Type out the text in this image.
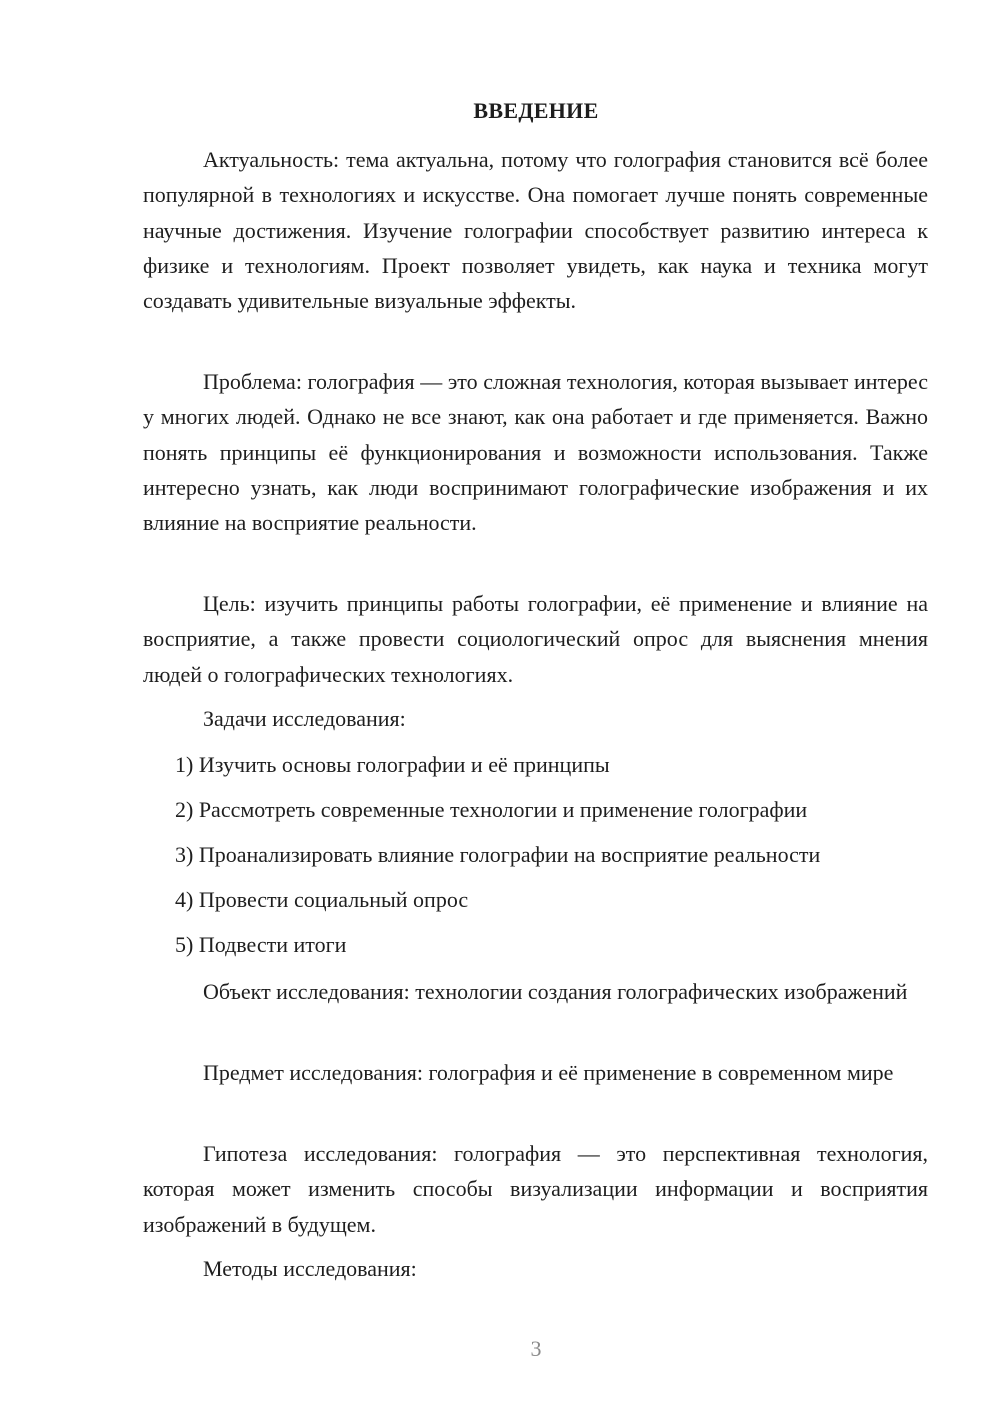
ВВЕДЕНИЕ

Актуальность: тема актуальна, потому что голография становится всё более популярной в технологиях и искусстве. Она помогает лучше понять современные научные достижения. Изучение голографии способствует развитию интереса к физике и технологиям. Проект позволяет увидеть, как наука и техника могут создавать удивительные визуальные эффекты.

Проблема: голография — это сложная технология, которая вызывает интерес у многих людей. Однако не все знают, как она работает и где применяется. Важно понять принципы её функционирования и возможности использования. Также интересно узнать, как люди воспринимают голографические изображения и их влияние на восприятие реальности.

Цель: изучить принципы работы голографии, её применение и влияние на восприятие, а также провести социологический опрос для выяснения мнения людей о голографических технологиях.

Задачи исследования:
1) Изучить основы голографии и её принципы
2) Рассмотреть современные технологии и применение голографии
3) Проанализировать влияние голографии на восприятие реальности
4) Провести социальный опрос
5) Подвести итоги

Объект исследования: технологии создания голографических изображений

Предмет исследования: голография и её применение в современном мире

Гипотеза исследования: голография — это перспективная технология, которая может изменить способы визуализации информации и восприятия изображений в будущем.

Методы исследования:
3
